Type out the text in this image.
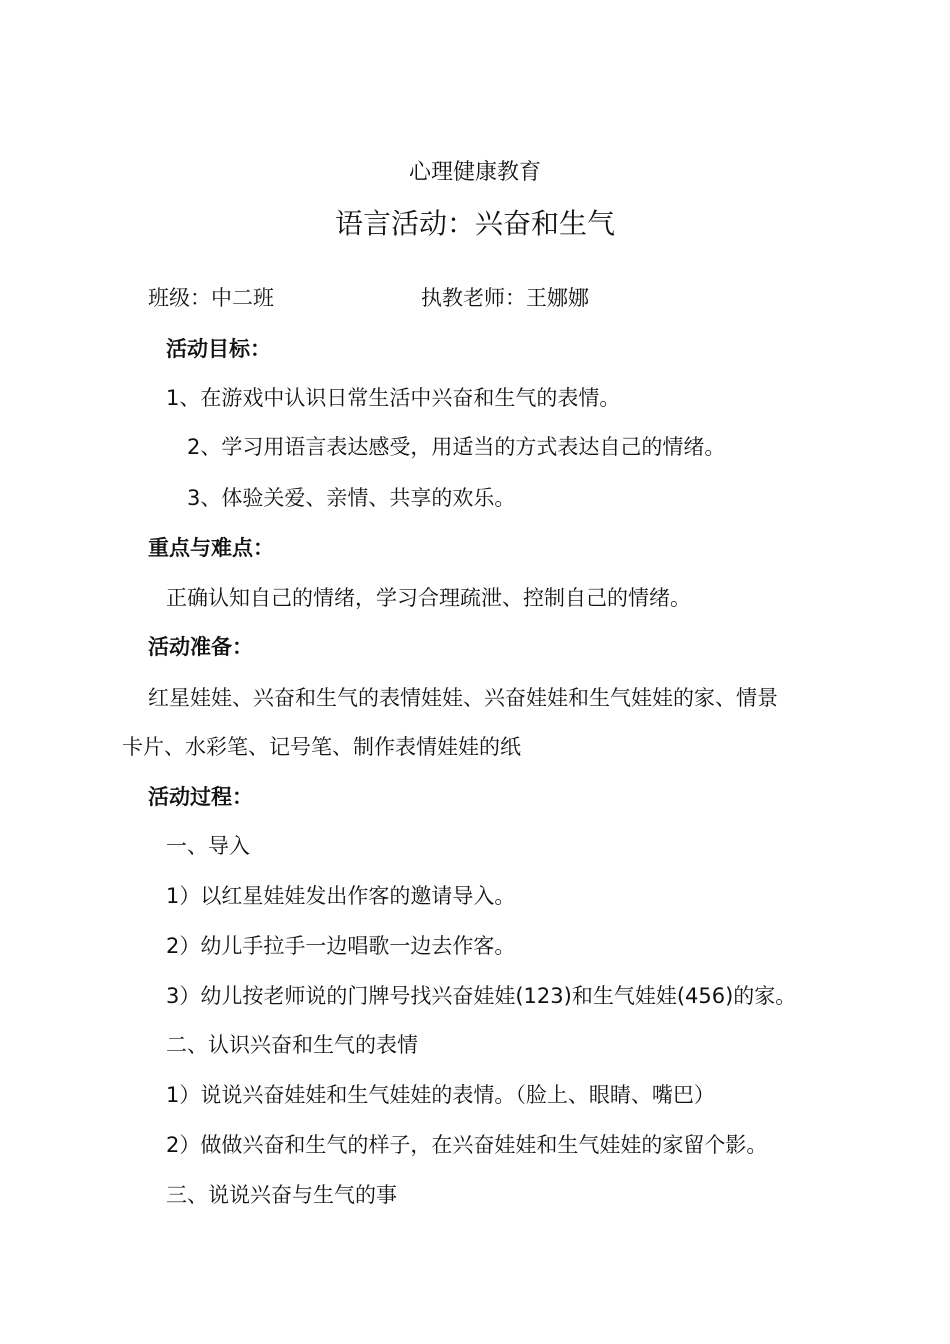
心理健康教育
语言活动：兴奋和生气
班级：中二班	执教老师：王娜娜
活动目标：
1、在游戏中认识日常生活中兴奋和生气的表情。
2、学习用语言表达感受，用适当的方式表达自己的情绪。
3、体验关爱、亲情、共享的欢乐。
重点与难点：
正确认知自己的情绪，学习合理疏泄、控制自己的情绪。
活动准备：
红星娃娃、兴奋和生气的表情娃娃、兴奋娃娃和生气娃娃的家、情景
卡片、水彩笔、记号笔、制作表情娃娃的纸
活动过程：
一、导入
1）以红星娃娃发出作客的邀请导入。
2）幼儿手拉手一边唱歌一边去作客。
3）幼儿按老师说的门牌号找兴奋娃娃(123)和生气娃娃(456)的家。
二、认识兴奋和生气的表情
1）说说兴奋娃娃和生气娃娃的表情。（脸上、眼睛、嘴巴）
2）做做兴奋和生气的样子，在兴奋娃娃和生气娃娃的家留个影。
三、说说兴奋与生气的事
